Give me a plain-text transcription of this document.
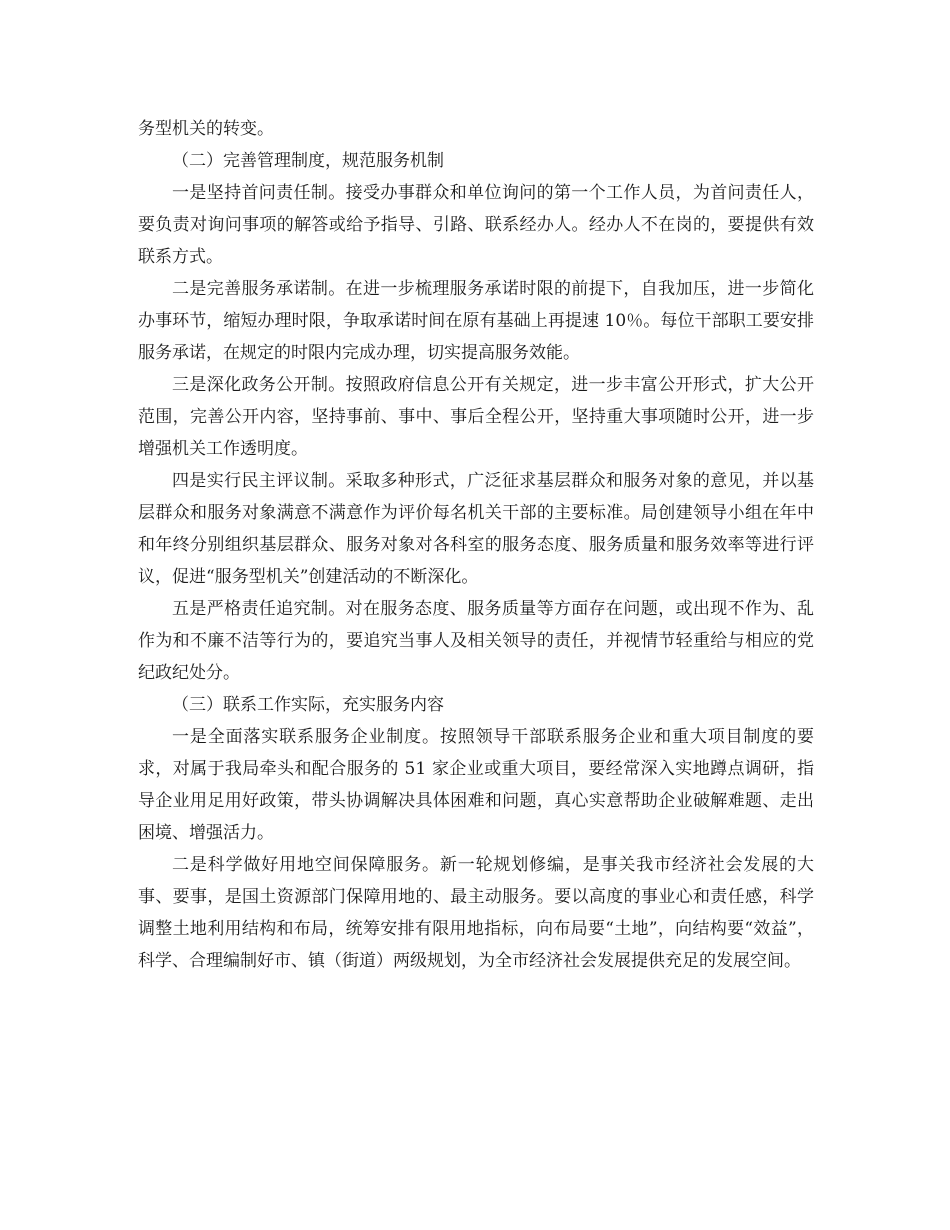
务型机关的转变。

（二）完善管理制度，规范服务机制

一是坚持首问责任制。接受办事群众和单位询问的第一个工作人员，为首问责任人，要负责对询问事项的解答或给予指导、引路、联系经办人。经办人不在岗的，要提供有效联系方式。

二是完善服务承诺制。在进一步梳理服务承诺时限的前提下，自我加压，进一步简化办事环节，缩短办理时限，争取承诺时间在原有基础上再提速 10％。每位干部职工要安排服务承诺，在规定的时限内完成办理，切实提高服务效能。

三是深化政务公开制。按照政府信息公开有关规定，进一步丰富公开形式，扩大公开范围，完善公开内容，坚持事前、事中、事后全程公开，坚持重大事项随时公开，进一步增强机关工作透明度。

四是实行民主评议制。采取多种形式，广泛征求基层群众和服务对象的意见，并以基层群众和服务对象满意不满意作为评价每名机关干部的主要标准。局创建领导小组在年中和年终分别组织基层群众、服务对象对各科室的服务态度、服务质量和服务效率等进行评议，促进“服务型机关”创建活动的不断深化。

五是严格责任追究制。对在服务态度、服务质量等方面存在问题，或出现不作为、乱作为和不廉不洁等行为的，要追究当事人及相关领导的责任，并视情节轻重给与相应的党纪政纪处分。

（三）联系工作实际，充实服务内容

一是全面落实联系服务企业制度。按照领导干部联系服务企业和重大项目制度的要求，对属于我局牵头和配合服务的 51 家企业或重大项目，要经常深入实地蹲点调研，指导企业用足用好政策，带头协调解决具体困难和问题，真心实意帮助企业破解难题、走出困境、增强活力。

二是科学做好用地空间保障服务。新一轮规划修编，是事关我市经济社会发展的大事、要事，是国土资源部门保障用地的、最主动服务。要以高度的事业心和责任感，科学调整土地利用结构和布局，统筹安排有限用地指标，向布局要“土地”，向结构要“效益”，科学、合理编制好市、镇（街道）两级规划，为全市经济社会发展提供充足的发展空间。
